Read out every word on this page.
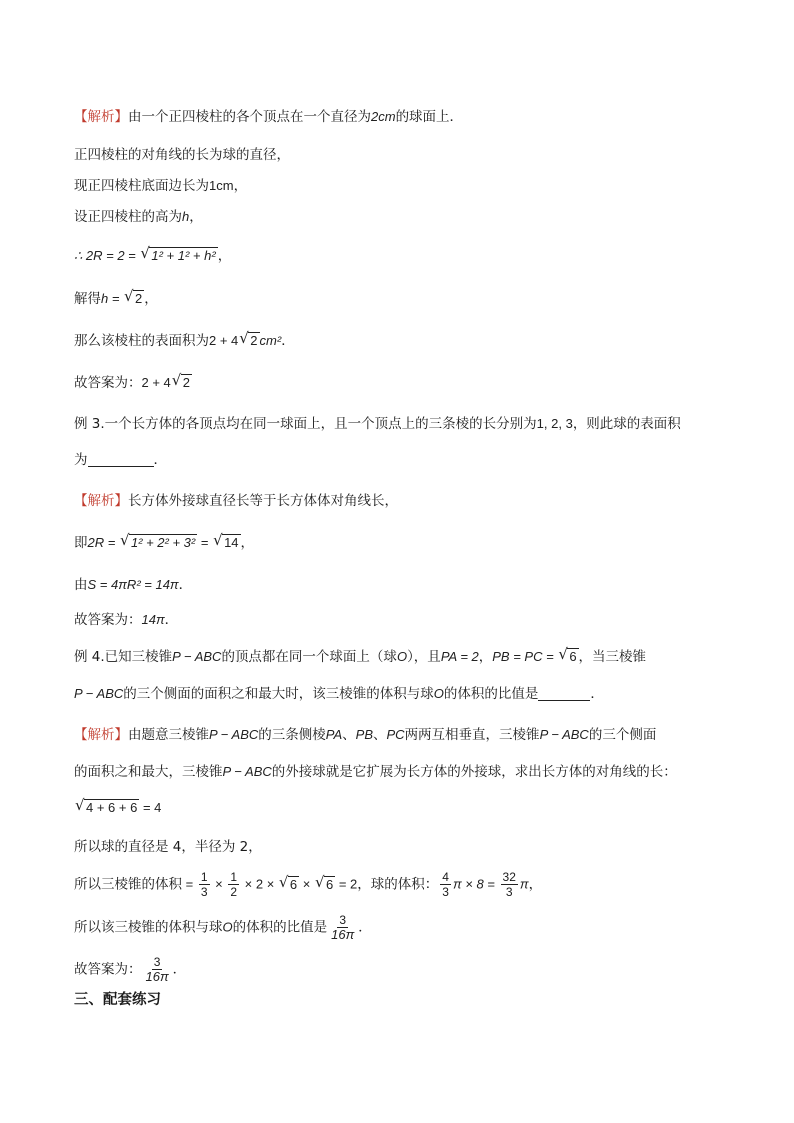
【解析】由一个正四棱柱的各个顶点在一个直径为2cm的球面上．
正四棱柱的对角线的长为球的直径，
现正四棱柱底面边长为1cm，
设正四棱柱的高为h，
∴ 2R = 2 = √ 1² + 1² + h² ，
解得h = √ 2 ，
那么该棱柱的表面积为2 + 4 √ 2 cm²．
故答案为：2 + 4 √ 2
例 3.一个长方体的各顶点均在同一球面上，且一个顶点上的三条棱的长分别为1, 2, 3，则此球的表面积
为	．
【解析】长方体外接球直径长等于长方体体对角线长，
即2R = √ 1² + 2² + 3² = √ 14 ，
由S = 4πR² = 14π．
故答案为：14π．
例 4.已知三棱锥P − ABC的顶点都在同一个球面上（球O），且PA = 2，PB = PC = √ 6 ，当三棱锥
P − ABC的三个侧面的面积之和最大时，该三棱锥的体积与球O的体积的比值是	．
【解析】由题意三棱锥P − ABC的三条侧棱PA、PB、PC两两互相垂直，三棱锥P − ABC的三个侧面
的面积之和最大，三棱锥P − ABC的外接球就是它扩展为长方体的外接球，求出长方体的对角线的长：
√ 4 + 6 + 6 = 4
所以球的直径是 4，半径为 2，
所以三棱锥的体积 = $\frac{1}{3} \times \frac{1}{2} \times 2$ × √ 6 × √ 6 = 2，球的体积： $\frac{4}{3}$ $\pi \times 8 = \frac{32}{3}$ π，
所以该三棱锥的体积与球O的体积的比值是 $\frac{3}{16\pi}$ ．
故答案为： $\frac{3}{16\pi}$ ．
三、配套练习
